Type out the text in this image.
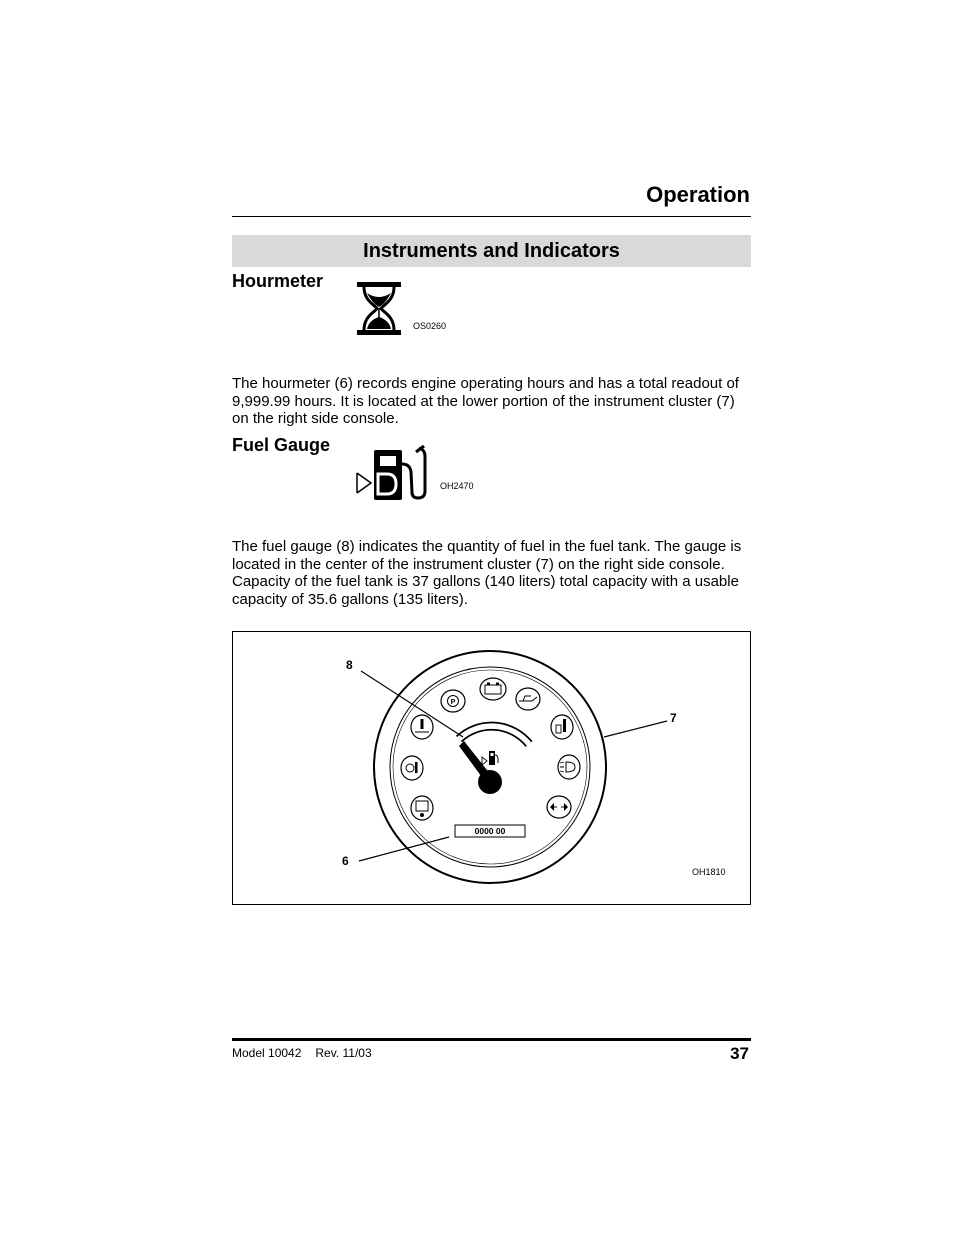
Operation
Instruments and Indicators
Hourmeter
OS0260
The hourmeter (6) records engine operating hours and has a total readout of 9,999.99 hours. It is located at the lower portion of the instrument cluster (7) on the right side console.
Fuel Gauge
OH2470
The fuel gauge (8) indicates the quantity of fuel in the fuel tank. The gauge is located in the center of the instrument cluster (7) on the right side console. Capacity of the fuel tank is 37 gallons (140 liters) total capacity with a usable capacity of 35.6 gallons (135 liters).
0000 00
P
8
7
6
OH1810
Model 10042 Rev. 11/03	37
